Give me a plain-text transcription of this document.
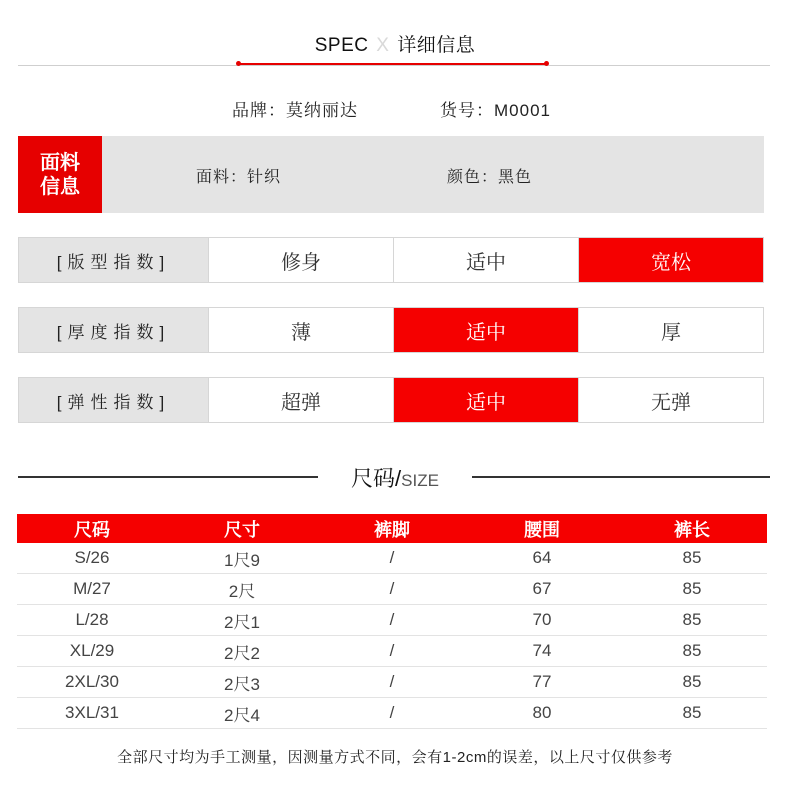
SPEC X 详细信息
品牌：莫纳丽达	货号：M0001
面料
信息	面料：针织	颜色：黑色
[版型指数]	修身	适中	宽松
[厚度指数]	薄	适中	厚
[弹性指数]	超弹	适中	无弹
尺码/SIZE
尺码	尺寸	裤脚	腰围	裤长
S/26	1尺9	/	64	85
M/27	2尺	/	67	85
L/28	2尺1	/	70	85
XL/29	2尺2	/	74	85
2XL/30	2尺3	/	77	85
3XL/31	2尺4	/	80	85
全部尺寸均为手工测量，因测量方式不同，会有1-2cm的误差，以上尺寸仅供参考
